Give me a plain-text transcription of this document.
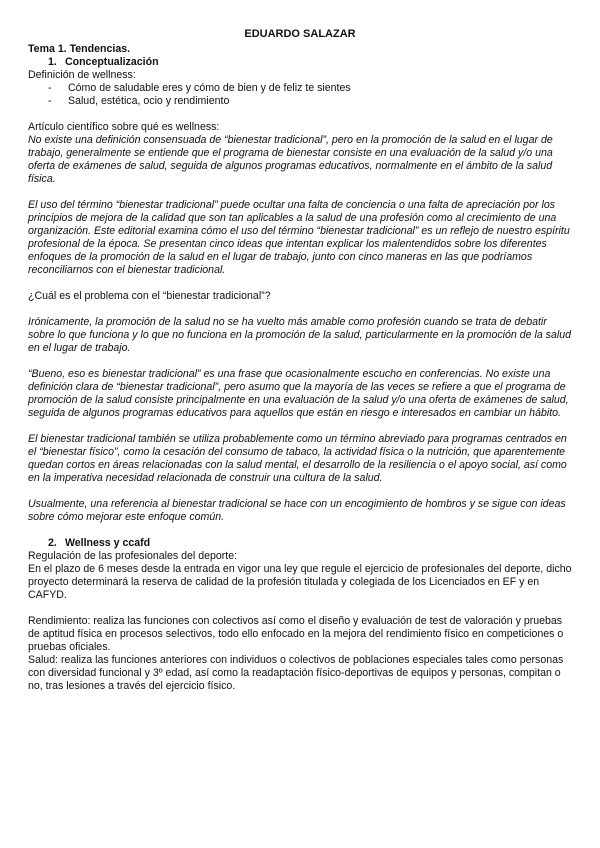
EDUARDO SALAZAR
Tema 1. Tendencias.
1. Conceptualización

Definición de wellness:

- Cómo de saludable eres y cómo de bien y de feliz te sientes
- Salud, estética, ocio y rendimiento

Artículo científico sobre qué es wellness:

No existe una definición consensuada de “bienestar tradicional”, pero en la promoción de la salud en el lugar de trabajo, generalmente se entiende que el programa de bienestar consiste en una evaluación de la salud y/o una oferta de exámenes de salud, seguida de algunos programas educativos, normalmente en el ámbito de la salud física.

El uso del término “bienestar tradicional” puede ocultar una falta de conciencia o una falta de apreciación por los principios de mejora de la calidad que son tan aplicables a la salud de una profesión como al crecimiento de una organización. Este editorial examina cómo el uso del término “bienestar tradicional” es un reflejo de nuestro espíritu profesional de la época. Se presentan cinco ideas que intentan explicar los malentendidos sobre los diferentes enfoques de la promoción de la salud en el lugar de trabajo, junto con cinco maneras en las que podríamos reconciliarnos con el bienestar tradicional.

¿Cuál es el problema con el “bienestar tradicional”?

Irónicamente, la promoción de la salud no se ha vuelto más amable como profesión cuando se trata de debatir sobre lo que funciona y lo que no funciona en la promoción de la salud, particularmente en la promoción de la salud en el lugar de trabajo.

“Bueno, eso es bienestar tradicional” es una frase que ocasionalmente escucho en conferencias. No existe una definición clara de “bienestar tradicional”, pero asumo que la mayoría de las veces se refiere a que el programa de promoción de la salud consiste principalmente en una evaluación de la salud y/o una oferta de exámenes de salud, seguida de algunos programas educativos para aquellos que están en riesgo e interesados en cambiar un hábito.

El bienestar tradicional también se utiliza probablemente como un término abreviado para programas centrados en el “bienestar físico”, como la cesación del consumo de tabaco, la actividad física o la nutrición, que aparentemente quedan cortos en áreas relacionadas con la salud mental, el desarrollo de la resiliencia o el apoyo social, así como en la imperativa necesidad relacionada de construir una cultura de la salud.

Usualmente, una referencia al bienestar tradicional se hace con un encogimiento de hombros y se sigue con ideas sobre cómo mejorar este enfoque común.

2. Wellness y ccafd

Regulación de las profesionales del deporte:

En el plazo de 6 meses desde la entrada en vigor una ley que regule el ejercicio de profesionales del deporte, dicho proyecto determinará la reserva de calidad de la profesión titulada y colegiada de los Licenciados en EF y en CAFYD.

Rendimiento: realiza las funciones con colectivos así como el diseño y evaluación de test de valoración y pruebas de aptitud física en procesos selectivos, todo ello enfocado en la mejora del rendimiento físico en competiciones o pruebas oficiales.

Salud: realiza las funciones anteriores con individuos o colectivos de poblaciones especiales tales como personas con diversidad funcional y 3º edad, así como la readaptación físico-deportivas de equipos y personas, compitan o no, tras lesiones a través del ejercicio físico.
